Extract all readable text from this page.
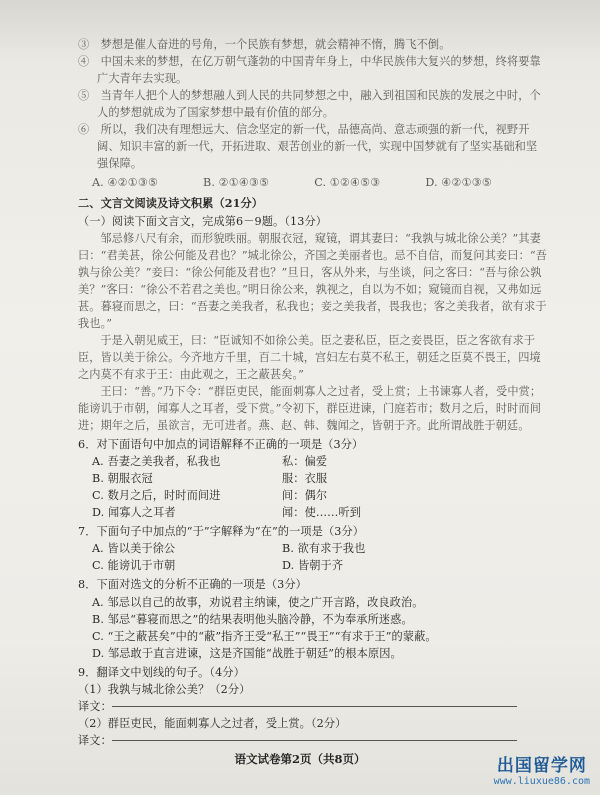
③　梦想是催人奋进的号角，一个民族有梦想，就会精神不惰，腾飞不倒。

④　中国未来的梦想，在亿万朝气蓬勃的中国青年身上，中华民族伟大复兴的梦想，终将要靠广大青年去实现。

⑤　当青年人把个人的梦想融人到人民的共同梦想之中，融入到祖国和民族的发展之中时，个人的梦想就成为了国家梦想中最有价值的部分。

⑥　所以，我们决有理想远大、信念坚定的新一代，品德高尚、意志顽强的新一代，视野开阔、知识丰富的新一代，开拓进取、艰苦创业的新一代，实现中国梦就有了坚实基础和坚强保障。

A. ④②①③⑤	B. ②①④③⑤	C. ①②④⑤③	D. ④②①③⑤
二、文言文阅读及诗文积累（21分）
（一）阅读下面文言文，完成第6－9题。（13分）

邹忌修八尺有余，而形貌昳丽。朝服衣冠，窥镜，谓其妻曰：“我孰与城北徐公美？”其妻曰：“君美甚，徐公何能及君也？”城北徐公，齐国之美丽者也。忌不自信，而复问其妾曰：“吾孰与徐公美？”妾曰：“徐公何能及君也？”旦日，客从外来，与坐谈，问之客曰：“吾与徐公孰美？”客曰：“徐公不若君之美也。”明日徐公来，孰视之，自以为不如；窥镜而自视，又弗如远甚。暮寝而思之，曰：“吾妻之美我者，私我也；妾之美我者，畏我也；客之美我者，欲有求于我也。”

于是入朝见威王，曰：“臣诚知不如徐公美。臣之妻私臣，臣之妾畏臣，臣之客欲有求于臣，皆以美于徐公。今齐地方千里，百二十城，宫妇左右莫不私王，朝廷之臣莫不畏王，四境之内莫不有求于王：由此观之，王之蔽甚矣。”

王曰：“善。”乃下令：“群臣吏民，能面刺寡人之过者，受上赏；上书谏寡人者，受中赏；能谤讥于市朝，闻寡人之耳者，受下赏。”令初下，群臣进谏，门庭若市；数月之后，时时而间进；期年之后，虽欲言，无可进者。燕、赵、韩、魏闻之，皆朝于齐。此所谓战胜于朝廷。

6．对下面语句中加点的词语解释不正确的一项是（3分）
A. 吾妻之美我者，私我也	私：偏爱
B. 朝服衣冠	服：衣服
C. 数月之后，时时而间进	间：偶尔
D. 闻寡人之耳者	闻：使……听到
7．下面句子中加点的“于”字解释为“在”的一项是（3分）
A. 皆以美于徐公	B. 欲有求于我也
C. 能谤讥于市朝	D. 皆朝于齐
8．下面对选文的分析不正确的一项是（3分）
A. 邹忌以自己的故事，劝说君主纳谏，使之广开言路，改良政治。
B. 邹忌“暮寝而思之”的结果表明他头脑冷静，不为奉承所迷惑。
C. “王之蔽甚矣”中的“蔽”指齐王受“私王”“畏王”“有求于王”的蒙蔽。
D. 邹忌敢于直言进谏，这是齐国能“战胜于朝廷”的根本原因。
9．翻译文中划线的句子。（4分）
（1）我孰与城北徐公美？（2分）
译文：
（2）群臣吏民，能面刺寡人之过者，受上赏。（2分）
译文：
语文试卷第2页（共8页）	出国留学网
www.liuxue86.com
